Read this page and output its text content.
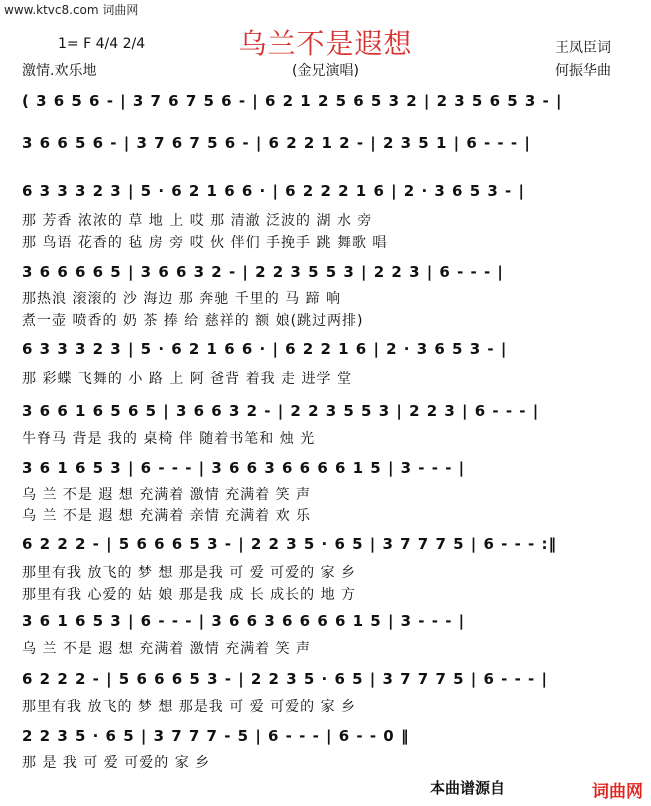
www.ktvc8.com 词曲网
乌兰不是遐想
1= F 4/4 2/4
激情.欢乐地	(金兄演唱)
王凤臣词
何振华曲
( 3 6 5 6 - | 3 7 6 7 5 6 - | 6 2 1 2 5 6 5 3 2 | 2 3 5 6 5 3 - |
3 6 6 5 6 - | 3 7 6 7 5 6 - | 6 2 2 1 2 - | 2 3 5 1 | 6 - - - |
6 3 3 3 2 3 | 5 · 6 2 1 6 6 · | 6 2 2 2 1 6 | 2 · 3 6 5 3 - |
那 芳香 浓浓的 草 地 上 哎 那 清澈 泛波的 湖 水 旁
那 鸟语 花香的 毡 房 旁 哎 伙 伴们 手挽手 跳 舞歌 唱
3 6 6 6 6 5 | 3 6 6 3 2 - | 2 2 3 5 5 3 | 2 2 3 | 6 - - - |
那热浪 滚滚的 沙 海边 那 奔驰 千里的 马 蹄 响
煮一壶 喷香的 奶 茶 捧 给 慈祥的 额 娘(跳过两排)
6 3 3 3 2 3 | 5 · 6 2 1 6 6 · | 6 2 2 1 6 | 2 · 3 6 5 3 - |
那 彩蝶 飞舞的 小 路 上 阿 爸背 着我 走 进学 堂
3 6 6 1 6 5 6 5 | 3 6 6 3 2 - | 2 2 3 5 5 3 | 2 2 3 | 6 - - - |
牛脊马 背是 我的 桌椅 伴 随着书笔和 烛 光
3 6 1 6 5 3 | 6 - - - | 3 6 6 3 6 6 6 6 1 5 | 3 - - - |
乌 兰 不是 遐 想 充满着 激情 充满着 笑 声
乌 兰 不是 遐 想 充满着 亲情 充满着 欢 乐
6 2 2 2 - | 5 6 6 6 5 3 - | 2 2 3 5 · 6 5 | 3 7 7 7 5 | 6 - - - :‖
那里有我 放飞的 梦 想 那是我 可 爱 可爱的 家 乡
那里有我 心爱的 姑 娘 那是我 成 长 成长的 地 方
3 6 1 6 5 3 | 6 - - - | 3 6 6 3 6 6 6 6 1 5 | 3 - - - |
乌 兰 不是 遐 想 充满着 激情 充满着 笑 声
6 2 2 2 - | 5 6 6 6 5 3 - | 2 2 3 5 · 6 5 | 3 7 7 7 5 | 6 - - - |
那里有我 放飞的 梦 想 那是我 可 爱 可爱的 家 乡
2 2 3 5 · 6 5 | 3 7 7 7 - 5 | 6 - - - | 6 - - 0 ‖
那 是 我 可 爱 可爱的 家 乡
本曲谱源自	词曲网
